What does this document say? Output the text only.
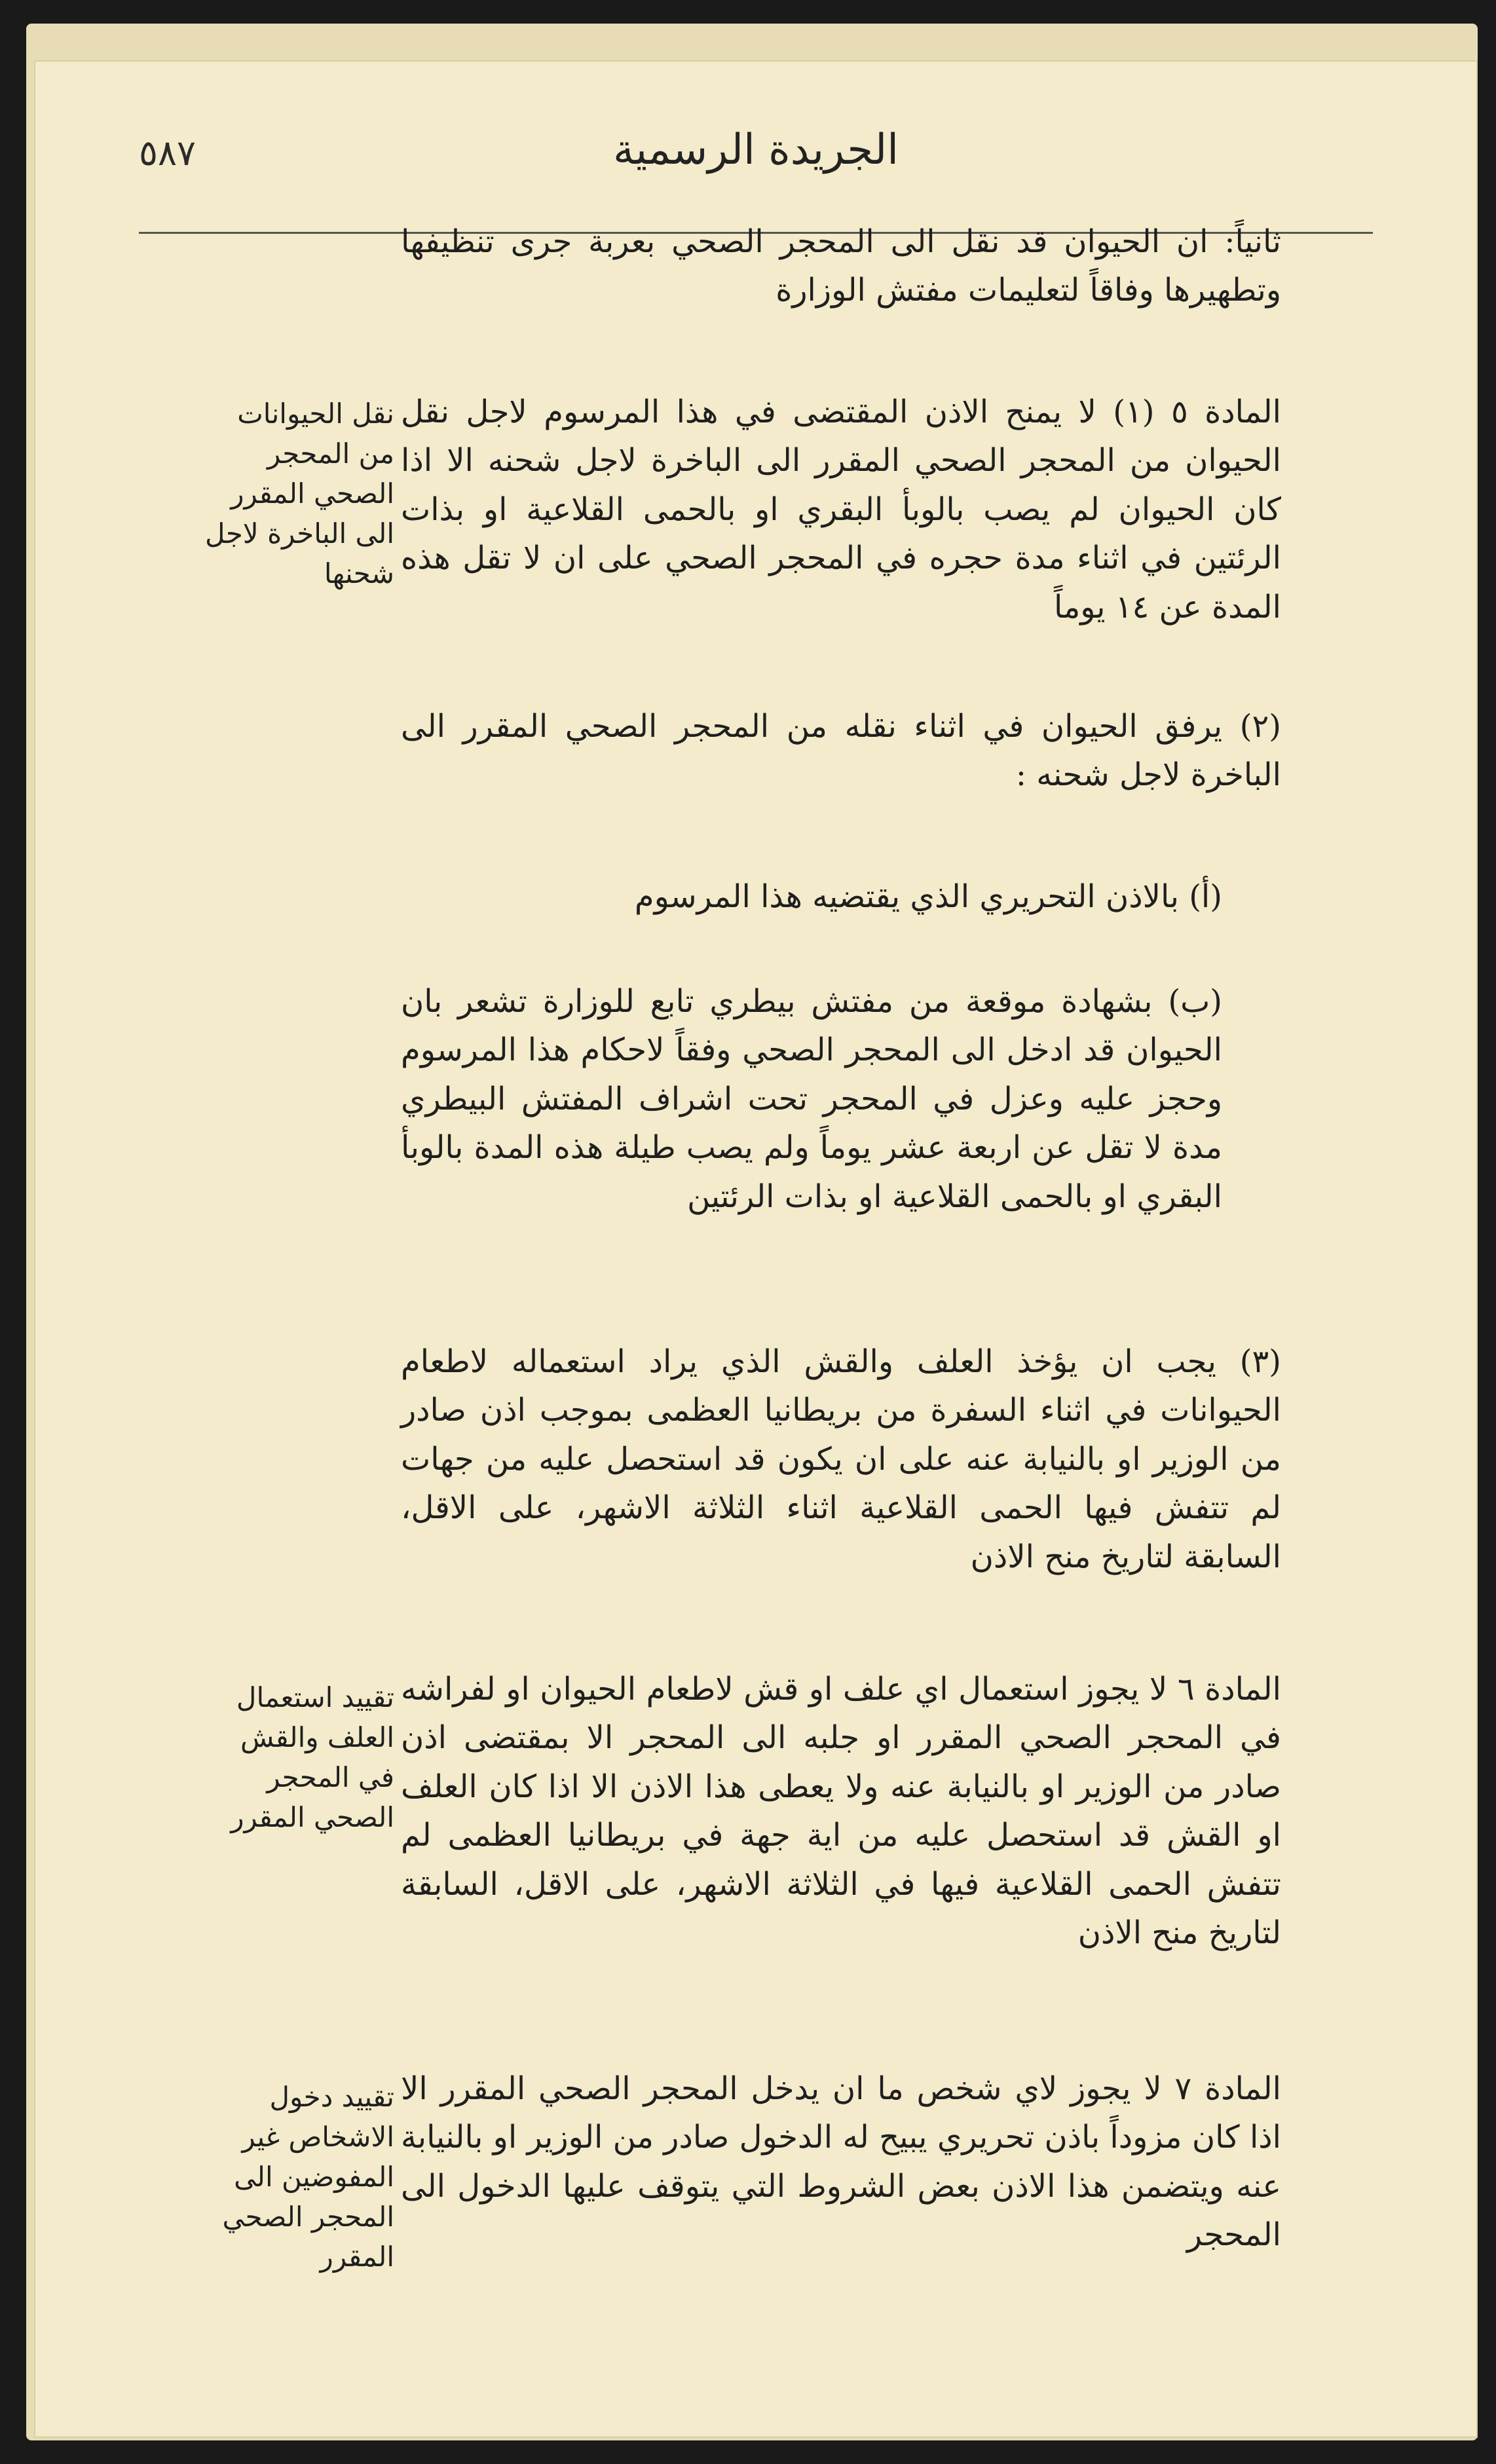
٥٨٧	الجريدة الرسمية

ثانياً: ان الحيوان قد نقل الى المحجر الصحي بعربة جرى تنظيفها وتطهيرها وفاقاً لتعليمات مفتش الوزارة

المادة ٥ (١) لا يمنح الاذن المقتضى في هذا المرسوم لاجل نقل الحيوان من المحجر الصحي المقرر الى الباخرة لاجل شحنه الا اذا كان الحيوان لم يصب بالوبأ البقري او بالحمى القلاعية او بذات الرئتين في اثناء مدة حجره في المحجر الصحي على ان لا تقل هذه المدة عن ١٤ يوماً

نقل الحيوانات من المحجر الصحي المقرر الى الباخرة لاجل شحنها

(٢) يرفق الحيوان في اثناء نقله من المحجر الصحي المقرر الى الباخرة لاجل شحنه :

(أ) بالاذن التحريري الذي يقتضيه هذا المرسوم

(ب) بشهادة موقعة من مفتش بيطري تابع للوزارة تشعر بان الحيوان قد ادخل الى المحجر الصحي وفقاً لاحكام هذا المرسوم وحجز عليه وعزل في المحجر تحت اشراف المفتش البيطري مدة لا تقل عن اربعة عشر يوماً ولم يصب طيلة هذه المدة بالوبأ البقري او بالحمى القلاعية او بذات الرئتين

(٣) يجب ان يؤخذ العلف والقش الذي يراد استعماله لاطعام الحيوانات في اثناء السفرة من بريطانيا العظمى بموجب اذن صادر من الوزير او بالنيابة عنه على ان يكون قد استحصل عليه من جهات لم تتفش فيها الحمى القلاعية اثناء الثلاثة الاشهر، على الاقل، السابقة لتاريخ منح الاذن

المادة ٦ لا يجوز استعمال اي علف او قش لاطعام الحيوان او لفراشه في المحجر الصحي المقرر او جلبه الى المحجر الا بمقتضى اذن صادر من الوزير او بالنيابة عنه ولا يعطى هذا الاذن الا اذا كان العلف او القش قد استحصل عليه من اية جهة في بريطانيا العظمى لم تتفش الحمى القلاعية فيها في الثلاثة الاشهر، على الاقل، السابقة لتاريخ منح الاذن

تقييد استعمال العلف والقش في المحجر الصحي المقرر

المادة ٧ لا يجوز لاي شخص ما ان يدخل المحجر الصحي المقرر الا اذا كان مزوداً باذن تحريري يبيح له الدخول صادر من الوزير او بالنيابة عنه ويتضمن هذا الاذن بعض الشروط التي يتوقف عليها الدخول الى المحجر

تقييد دخول الاشخاص غير المفوضين الى المحجر الصحي المقرر
